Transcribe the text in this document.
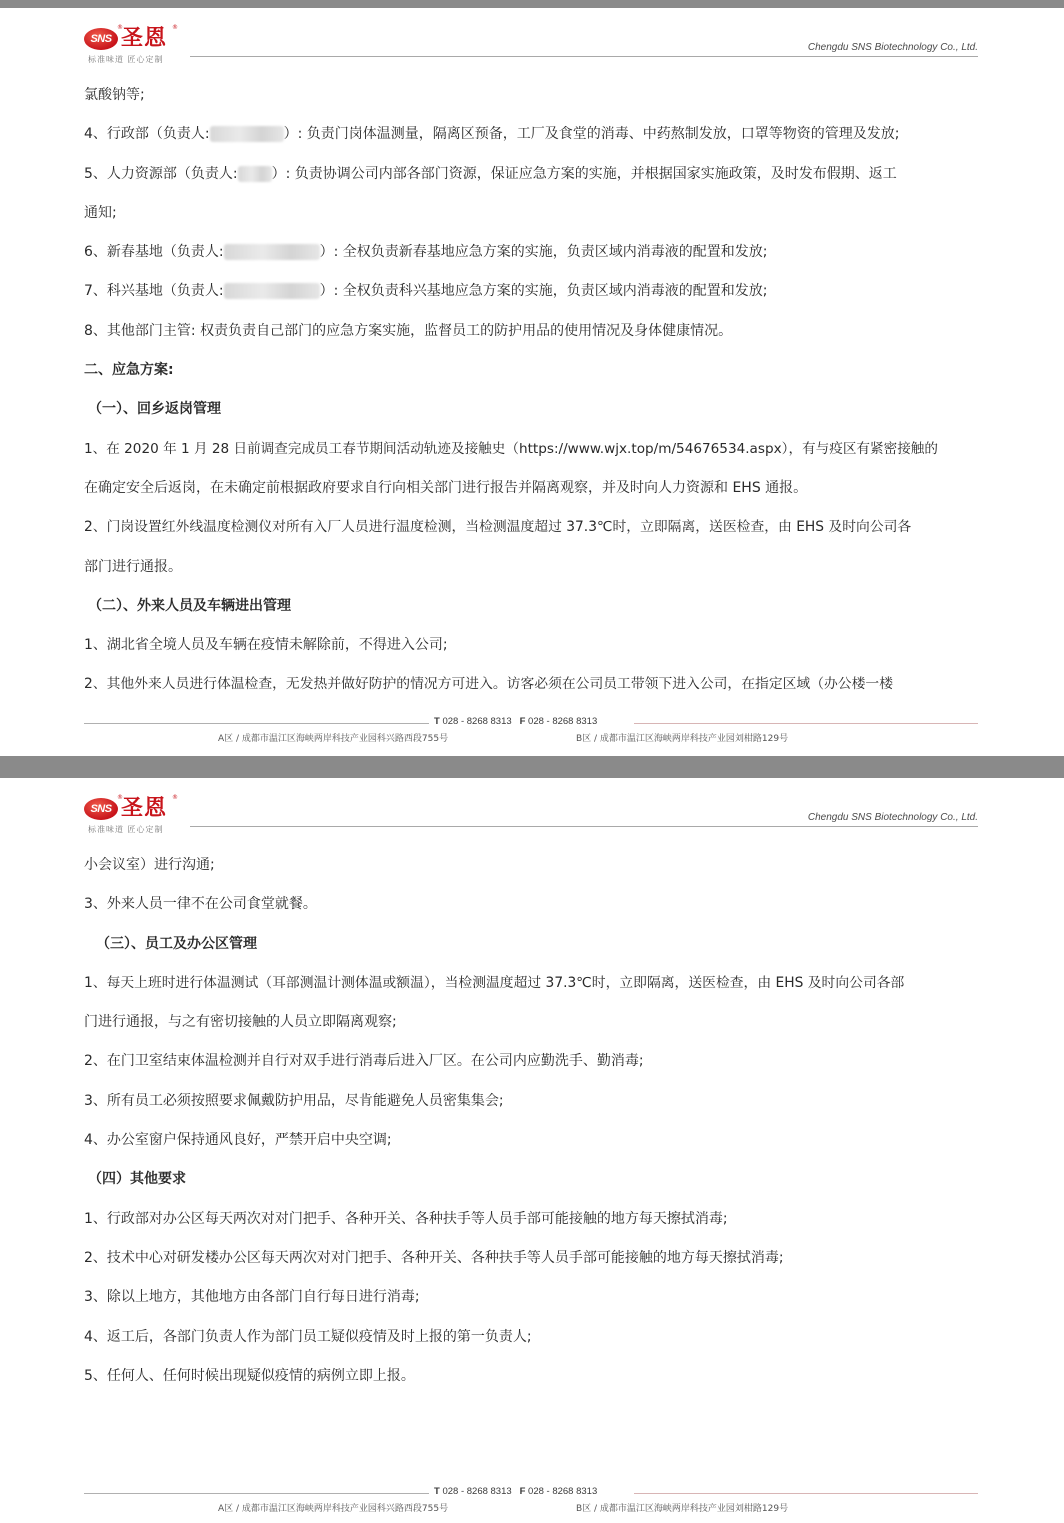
SNS
®
圣恩 ®
标准味道 匠心定制
Chengdu SNS Biotechnology Co., Ltd.
氯酸钠等;
4、行政部（负责人:	）: 负责门岗体温测量，隔离区预备，工厂及食堂的消毒、中药熬制发放，口罩等物资的管理及发放;
5、人力资源部（负责人: ）: 负责协调公司内部各部门资源，保证应急方案的实施，并根据国家实施政策，及时发布假期、返工
通知;
6、新春基地（负责人:	）: 全权负责新春基地应急方案的实施，负责区域内消毒液的配置和发放;
7、科兴基地（负责人:	）: 全权负责科兴基地应急方案的实施，负责区域内消毒液的配置和发放;
8、其他部门主管: 权责负责自己部门的应急方案实施，监督员工的防护用品的使用情况及身体健康情况。
二、应急方案:
（一）、回乡返岗管理
1、在 2020 年 1 月 28 日前调查完成员工春节期间活动轨迹及接触史（https://www.wjx.top/m/54676534.aspx），有与疫区有紧密接触的
在确定安全后返岗，在未确定前根据政府要求自行向相关部门进行报告并隔离观察，并及时向人力资源和 EHS 通报。
2、门岗设置红外线温度检测仪对所有入厂人员进行温度检测，当检测温度超过 37.3℃时，立即隔离，送医检查，由 EHS 及时向公司各
部门进行通报。
（二）、外来人员及车辆进出管理
1、湖北省全境人员及车辆在疫情未解除前，不得进入公司;
2、其他外来人员进行体温检查，无发热并做好防护的情况方可进入。访客必须在公司员工带领下进入公司，在指定区域（办公楼一楼
T 028 - 8268 8313 F 028 - 8268 8313
A区 / 成都市温江区海峡两岸科技产业园科兴路西段755号	B区 / 成都市温江区海峡两岸科技产业园刘柑路129号
SNS
®
圣恩 ®
标准味道 匠心定制
Chengdu SNS Biotechnology Co., Ltd.
小会议室）进行沟通;
3、外来人员一律不在公司食堂就餐。
（三）、员工及办公区管理
1、每天上班时进行体温测试（耳部测温计测体温或额温），当检测温度超过 37.3℃时，立即隔离，送医检查，由 EHS 及时向公司各部
门进行通报，与之有密切接触的人员立即隔离观察;
2、在门卫室结束体温检测并自行对双手进行消毒后进入厂区。在公司内应勤洗手、勤消毒;
3、所有员工必须按照要求佩戴防护用品，尽肯能避免人员密集集会;
4、办公室窗户保持通风良好，严禁开启中央空调;
（四）其他要求
1、行政部对办公区每天两次对对门把手、各种开关、各种扶手等人员手部可能接触的地方每天擦拭消毒;
2、技术中心对研发楼办公区每天两次对对门把手、各种开关、各种扶手等人员手部可能接触的地方每天擦拭消毒;
3、除以上地方，其他地方由各部门自行每日进行消毒;
4、返工后，各部门负责人作为部门员工疑似疫情及时上报的第一负责人;
5、任何人、任何时候出现疑似疫情的病例立即上报。
T 028 - 8268 8313 F 028 - 8268 8313
A区 / 成都市温江区海峡两岸科技产业园科兴路西段755号	B区 / 成都市温江区海峡两岸科技产业园刘柑路129号
